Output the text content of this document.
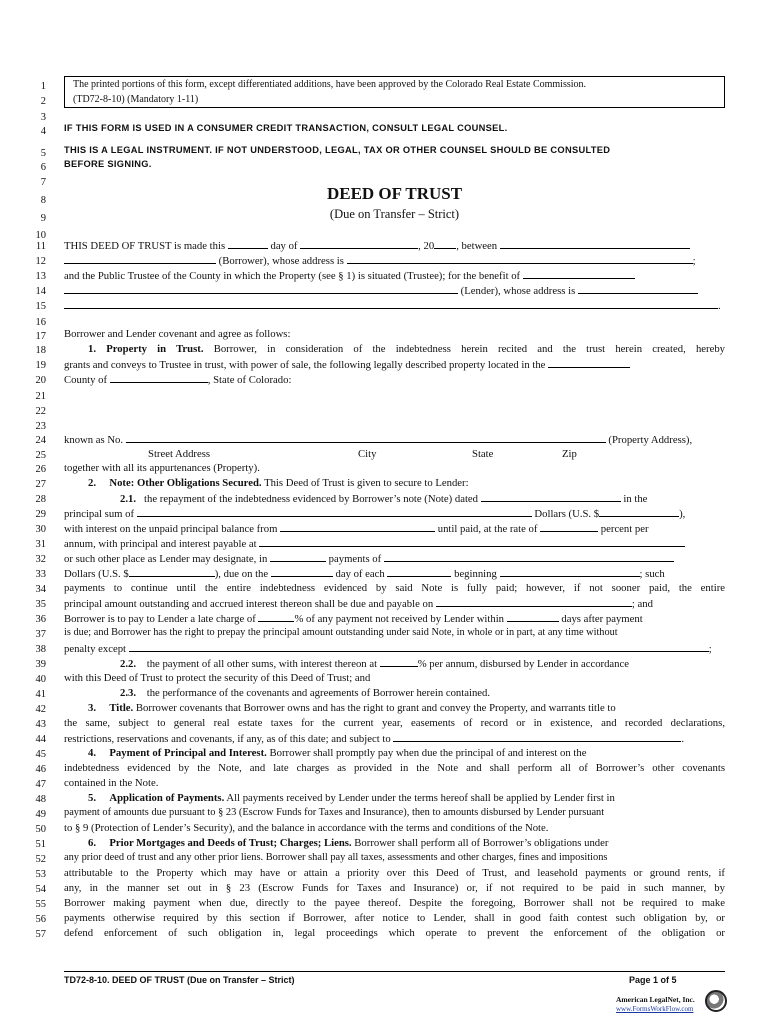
1
2
3
4
5
6
7
8
9
10
11
12
13
14
15
16
17
18
19
20
21
22
23
24
25
26
27
28
29
30
31
32
33
34
35
36
37
38
39
40
41
42
43
44
45
46
47
48
49
50
51
52
53
54
55
56
57
The printed portions of this form, except differentiated additions, have been approved by the Colorado Real Estate Commission.
(TD72-8-10) (Mandatory 1-11)
IF THIS FORM IS USED IN A CONSUMER CREDIT TRANSACTION, CONSULT LEGAL COUNSEL.
THIS IS A LEGAL INSTRUMENT. IF NOT UNDERSTOOD, LEGAL, TAX OR OTHER COUNSEL SHOULD BE CONSULTED
BEFORE SIGNING.
DEED OF TRUST
(Due on Transfer – Strict)
THIS DEED OF TRUST is made this	day of	, 20 , between
(Borrower), whose address is	;
and the Public Trustee of the County in which the Property (see § 1) is situated (Trustee); for the benefit of
(Lender), whose address is
.
Borrower and Lender covenant and agree as follows:
1. Property in Trust. Borrower, in consideration of the indebtedness herein recited and the trust herein created, hereby
grants and conveys to Trustee in trust, with power of sale, the following legally described property located in the
County of	, State of Colorado:
known as No.	(Property Address),
Street Address	City	State	Zip
together with all its appurtenances (Property).
2. Note: Other Obligations Secured. This Deed of Trust is given to secure to Lender:
2.1. the repayment of the indebtedness evidenced by Borrower’s note (Note) dated	in the
principal sum of	Dollars (U.S. $	),
with interest on the unpaid principal balance from	until paid, at the rate of	percent per
annum, with principal and interest payable at
or such other place as Lender may designate, in	payments of
Dollars (U.S. $	), due on the	day of each	beginning	; such
payments to continue until the entire indebtedness evidenced by said Note is fully paid; however, if not sooner paid, the entire
principal amount outstanding and accrued interest thereon shall be due and payable on	; and
Borrower is to pay to Lender a late charge of	% of any payment not received by Lender within	days after payment
is due; and Borrower has the right to prepay the principal amount outstanding under said Note, in whole or in part, at any time without
penalty except	;
2.2. the payment of all other sums, with interest thereon at	% per annum, disbursed by Lender in accordance
with this Deed of Trust to protect the security of this Deed of Trust; and
2.3. the performance of the covenants and agreements of Borrower herein contained.
3. Title. Borrower covenants that Borrower owns and has the right to grant and convey the Property, and warrants title to
the same, subject to general real estate taxes for the current year, easements of record or in existence, and recorded declarations,
restrictions, reservations and covenants, if any, as of this date; and subject to	.
4. Payment of Principal and Interest. Borrower shall promptly pay when due the principal of and interest on the
indebtedness evidenced by the Note, and late charges as provided in the Note and shall perform all of Borrower’s other covenants
contained in the Note.
5. Application of Payments. All payments received by Lender under the terms hereof shall be applied by Lender first in
payment of amounts due pursuant to § 23 (Escrow Funds for Taxes and Insurance), then to amounts disbursed by Lender pursuant
to § 9 (Protection of Lender’s Security), and the balance in accordance with the terms and conditions of the Note.
6. Prior Mortgages and Deeds of Trust; Charges; Liens. Borrower shall perform all of Borrower’s obligations under
any prior deed of trust and any other prior liens. Borrower shall pay all taxes, assessments and other charges, fines and impositions
attributable to the Property which may have or attain a priority over this Deed of Trust, and leasehold payments or ground rents, if
any, in the manner set out in § 23 (Escrow Funds for Taxes and Insurance) or, if not required to be paid in such manner, by
Borrower making payment when due, directly to the payee thereof. Despite the foregoing, Borrower shall not be required to make
payments otherwise required by this section if Borrower, after notice to Lender, shall in good faith contest such obligation by, or
defend enforcement of such obligation in, legal proceedings which operate to prevent the enforcement of the obligation or
TD72-8-10. DEED OF TRUST (Due on Transfer – Strict)	Page 1 of 5
American LegalNet, Inc.
www.FormsWorkFlow.com
